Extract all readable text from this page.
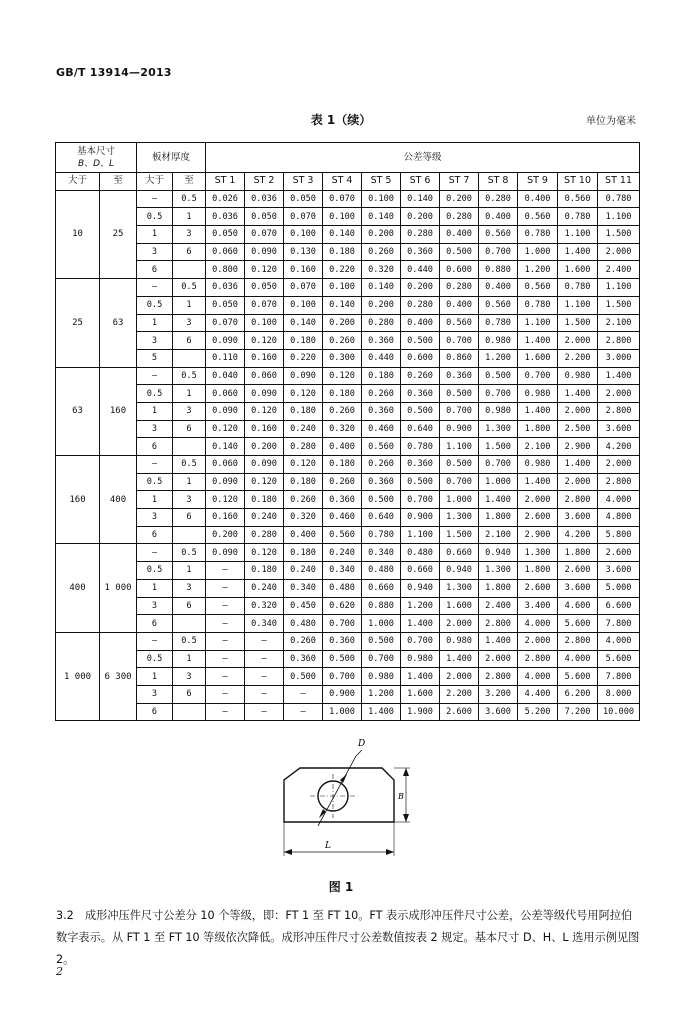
GB/T 13914—2013
表 1（续）	单位为毫米
基本尺寸
B、D、L		板材厚度		公差等级										
大于	至	大于	至	ST 1	ST 2	ST 3	ST 4	ST 5	ST 6	ST 7	ST 8	ST 9	ST 10	ST 11
10	25	—	0.5	0.026	0.036	0.050	0.070	0.100	0.140	0.200	0.280	0.400	0.560	0.780
		0.5	1	0.036	0.050	0.070	0.100	0.140	0.200	0.280	0.400	0.560	0.780	1.100
		1	3	0.050	0.070	0.100	0.140	0.200	0.280	0.400	0.560	0.780	1.100	1.500
		3	6	0.060	0.090	0.130	0.180	0.260	0.360	0.500	0.700	1.000	1.400	2.000
		6		0.800	0.120	0.160	0.220	0.320	0.440	0.600	0.880	1.200	1.600	2.400
25	63	—	0.5	0.036	0.050	0.070	0.100	0.140	0.200	0.280	0.400	0.560	0.780	1.100
		0.5	1	0.050	0.070	0.100	0.140	0.200	0.280	0.400	0.560	0.780	1.100	1.500
		1	3	0.070	0.100	0.140	0.200	0.280	0.400	0.560	0.780	1.100	1.500	2.100
		3	6	0.090	0.120	0.180	0.260	0.360	0.500	0.700	0.980	1.400	2.000	2.800
		5		0.110	0.160	0.220	0.300	0.440	0.600	0.860	1.200	1.600	2.200	3.000
63	160	—	0.5	0.040	0.060	0.090	0.120	0.180	0.260	0.360	0.500	0.700	0.980	1.400
		0.5	1	0.060	0.090	0.120	0.180	0.260	0.360	0.500	0.700	0.980	1.400	2.000
		1	3	0.090	0.120	0.180	0.260	0.360	0.500	0.700	0.980	1.400	2.000	2.800
		3	6	0.120	0.160	0.240	0.320	0.460	0.640	0.900	1.300	1.800	2.500	3.600
		6		0.140	0.200	0.280	0.400	0.560	0.780	1.100	1.500	2.100	2.900	4.200
160	400	—	0.5	0.060	0.090	0.120	0.180	0.260	0.360	0.500	0.700	0.980	1.400	2.000
		0.5	1	0.090	0.120	0.180	0.260	0.360	0.500	0.700	1.000	1.400	2.000	2.800
		1	3	0.120	0.180	0.260	0.360	0.500	0.700	1.000	1.400	2.000	2.800	4.000
		3	6	0.160	0.240	0.320	0.460	0.640	0.900	1.300	1.800	2.600	3.600	4.800
		6		0.200	0.280	0.400	0.560	0.780	1.100	1.500	2.100	2.900	4.200	5.800
400	1 000	—	0.5	0.090	0.120	0.180	0.240	0.340	0.480	0.660	0.940	1.300	1.800	2.600
		0.5	1	—	0.180	0.240	0.340	0.480	0.660	0.940	1.300	1.800	2.600	3.600
		1	3	—	0.240	0.340	0.480	0.660	0.940	1.300	1.800	2.600	3.600	5.000
		3	6	—	0.320	0.450	0.620	0.880	1.200	1.600	2.400	3.400	4.600	6.600
		6		—	0.340	0.480	0.700	1.000	1.400	2.000	2.800	4.000	5.600	7.800
1 000	6 300	—	0.5	—	—	0.260	0.360	0.500	0.700	0.980	1.400	2.000	2.800	4.000
		0.5	1	—	—	0.360	0.500	0.700	0.980	1.400	2.000	2.800	4.000	5.600
		1	3	—	—	0.500	0.700	0.980	1.400	2.000	2.800	4.000	5.600	7.800
		3	6	—	—	—	0.900	1.200	1.600	2.200	3.200	4.400	6.200	8.000
		6		—	—	—	1.000	1.400	1.900	2.600	3.600	5.200	7.200	10.000
D
B
L
图 1
3.2　成形冲压件尺寸公差分 10 个等级，即：FT 1 至 FT 10。FT 表示成形冲压件尺寸公差，公差等级代号用阿拉伯数字表示。从 FT 1 至 FT 10 等级依次降低。成形冲压件尺寸公差数值按表 2 规定。基本尺寸 D、H、L 选用示例见图 2。
2
